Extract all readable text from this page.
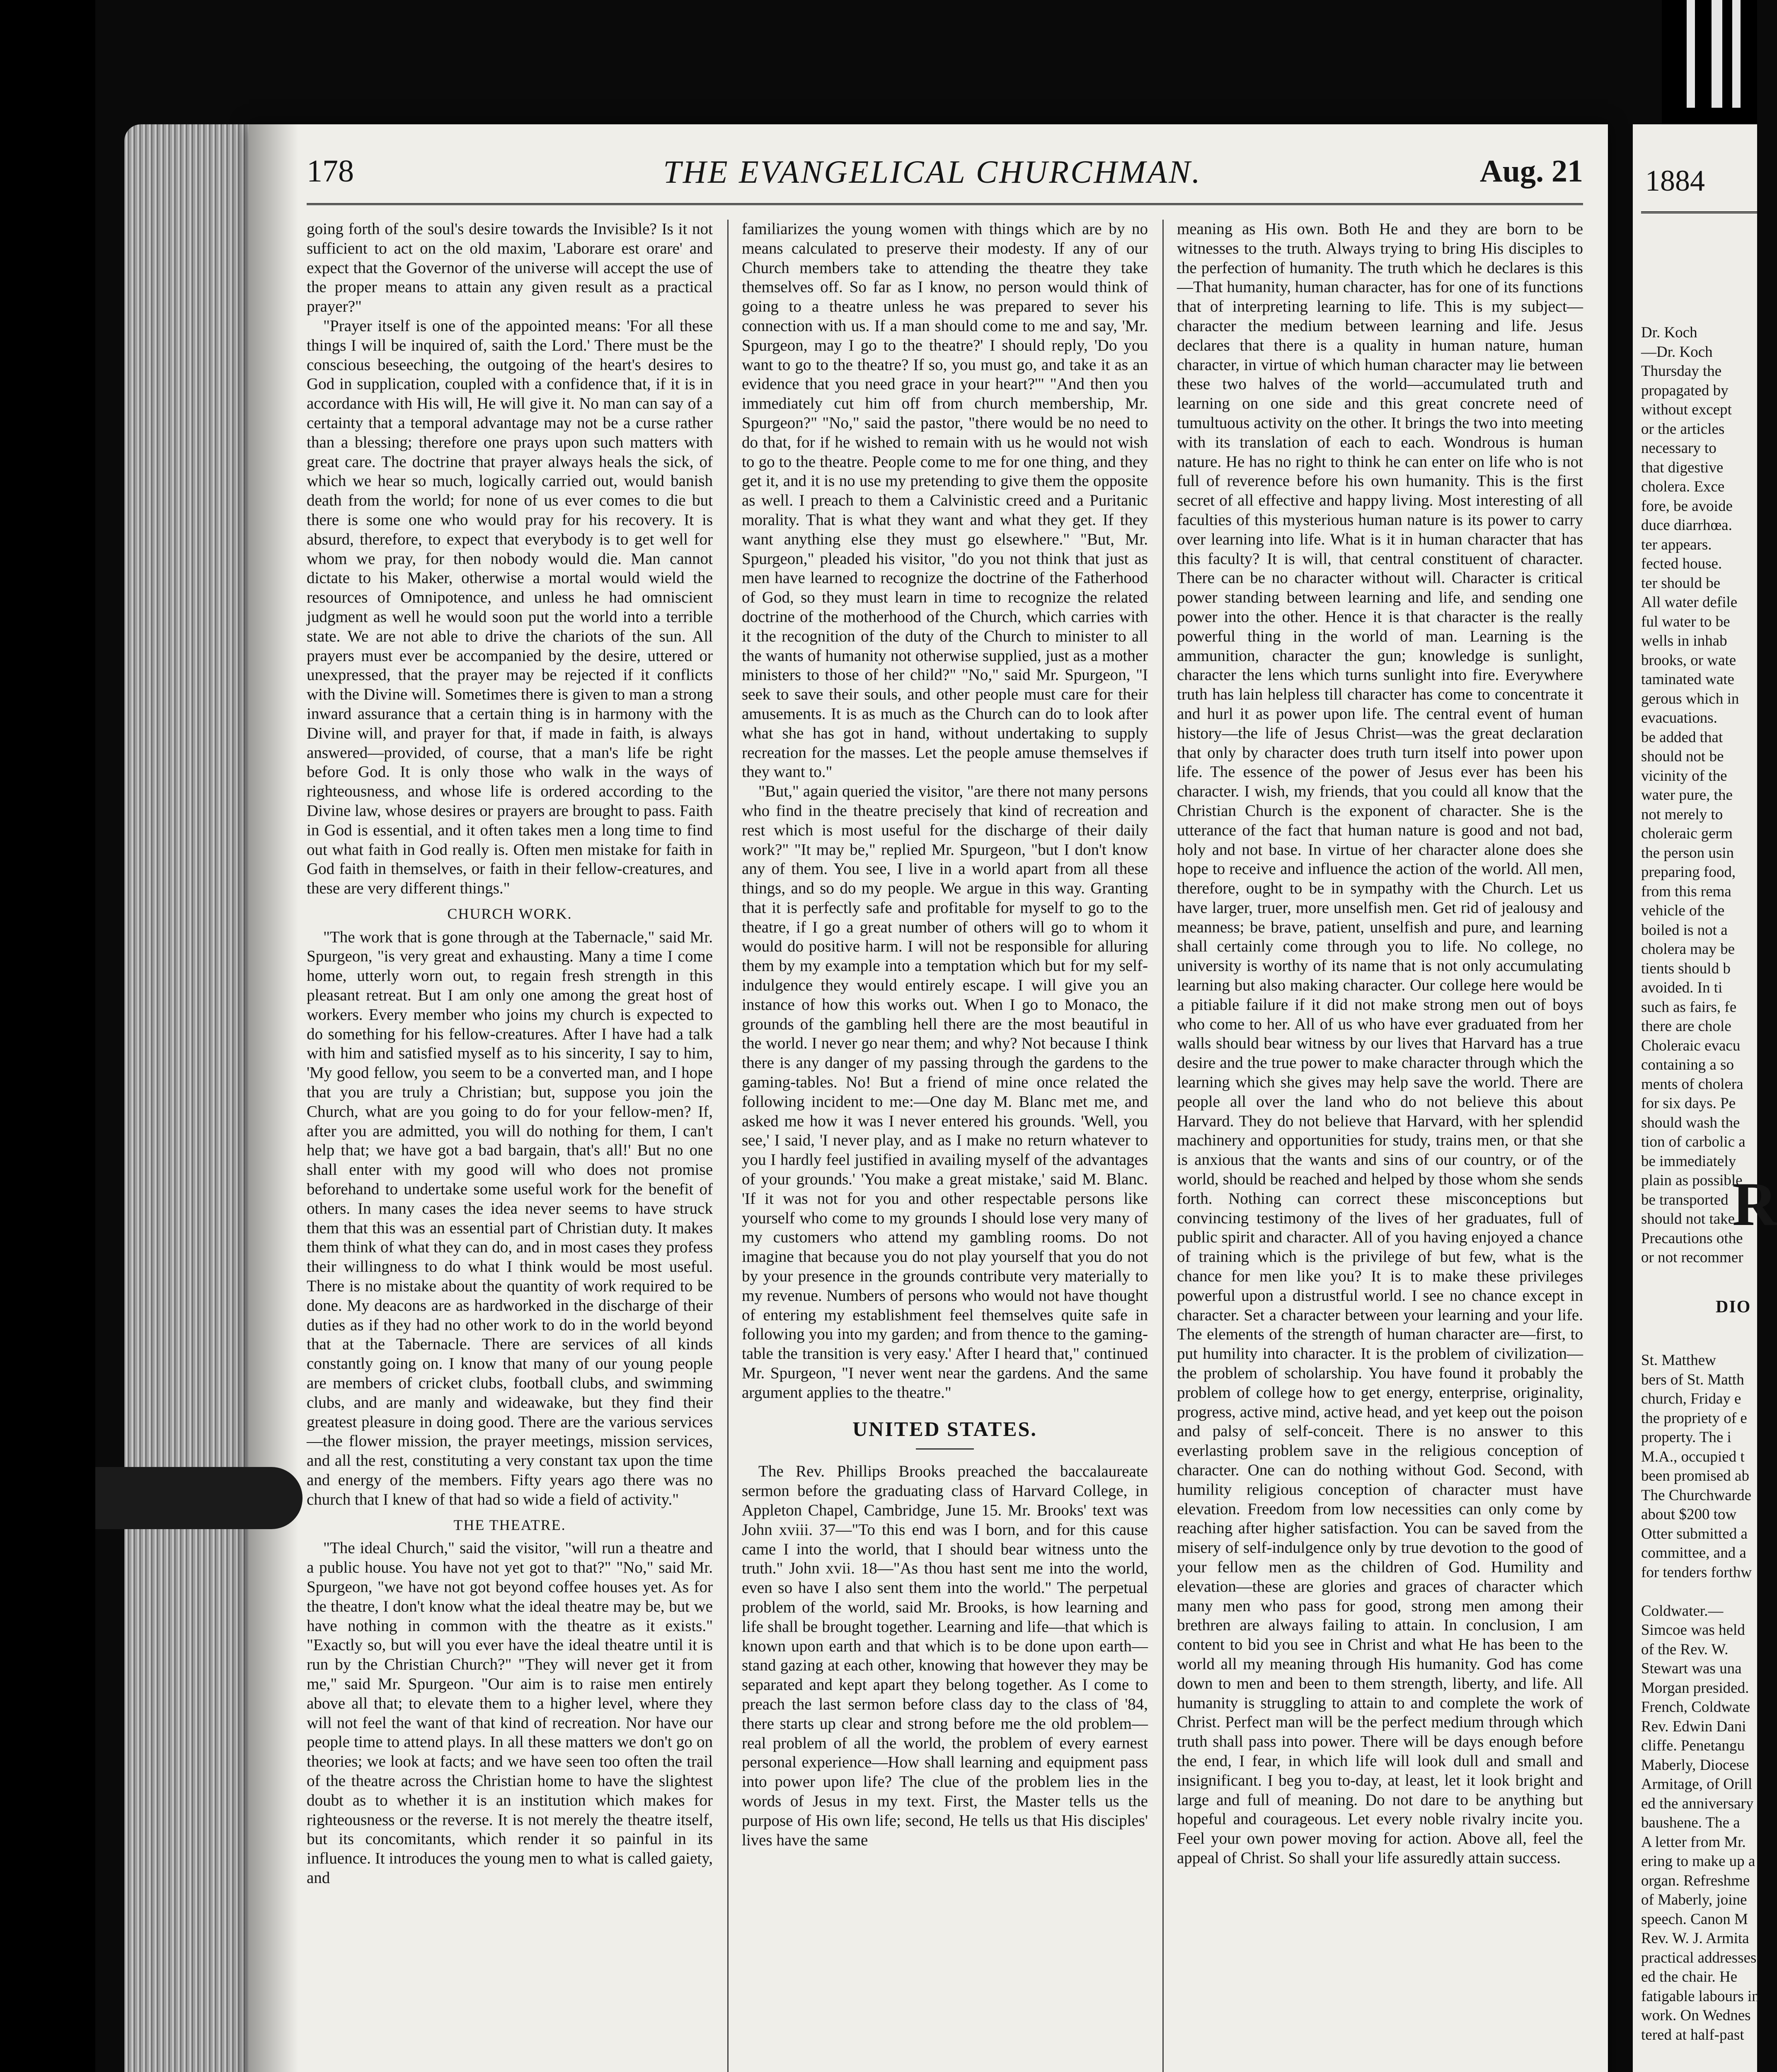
178	THE EVANGELICAL CHURCHMAN.	Aug. 21

going forth of the soul's desire towards the Invisible? Is it not sufficient to act on the old maxim, 'Laborare est orare' and expect that the Governor of the universe will accept the use of the proper means to attain any given result as a practical prayer?"

"Prayer itself is one of the appointed means: 'For all these things I will be inquired of, saith the Lord.' There must be the conscious beseeching, the outgoing of the heart's desires to God in supplication, coupled with a confidence that, if it is in accordance with His will, He will give it. No man can say of a certainty that a temporal advantage may not be a curse rather than a blessing; therefore one prays upon such matters with great care. The doctrine that prayer always heals the sick, of which we hear so much, logically carried out, would banish death from the world; for none of us ever comes to die but there is some one who would pray for his recovery. It is absurd, therefore, to expect that everybody is to get well for whom we pray, for then nobody would die. Man cannot dictate to his Maker, otherwise a mortal would wield the resources of Omnipotence, and unless he had omniscient judgment as well he would soon put the world into a terrible state. We are not able to drive the chariots of the sun. All prayers must ever be accompanied by the desire, uttered or unexpressed, that the prayer may be rejected if it conflicts with the Divine will. Sometimes there is given to man a strong inward assurance that a certain thing is in harmony with the Divine will, and prayer for that, if made in faith, is always answered—provided, of course, that a man's life be right before God. It is only those who walk in the ways of righteousness, and whose life is ordered according to the Divine law, whose desires or prayers are brought to pass. Faith in God is essential, and it often takes men a long time to find out what faith in God really is. Often men mistake for faith in God faith in themselves, or faith in their fellow-creatures, and these are very different things."

CHURCH WORK.

"The work that is gone through at the Tabernacle," said Mr. Spurgeon, "is very great and exhausting. Many a time I come home, utterly worn out, to regain fresh strength in this pleasant retreat. But I am only one among the great host of workers. Every member who joins my church is expected to do something for his fellow-creatures. After I have had a talk with him and satisfied myself as to his sincerity, I say to him, 'My good fellow, you seem to be a converted man, and I hope that you are truly a Christian; but, suppose you join the Church, what are you going to do for your fellow-men? If, after you are admitted, you will do nothing for them, I can't help that; we have got a bad bargain, that's all!' But no one shall enter with my good will who does not promise beforehand to undertake some useful work for the benefit of others. In many cases the idea never seems to have struck them that this was an essential part of Christian duty. It makes them think of what they can do, and in most cases they profess their willingness to do what I think would be most useful. There is no mistake about the quantity of work required to be done. My deacons are as hardworked in the discharge of their duties as if they had no other work to do in the world beyond that at the Tabernacle. There are services of all kinds constantly going on. I know that many of our young people are members of cricket clubs, football clubs, and swimming clubs, and are manly and wideawake, but they find their greatest pleasure in doing good. There are the various services—the flower mission, the prayer meetings, mission services, and all the rest, constituting a very constant tax upon the time and energy of the members. Fifty years ago there was no church that I knew of that had so wide a field of activity."

THE THEATRE.

"The ideal Church," said the visitor, "will run a theatre and a public house. You have not yet got to that?" "No," said Mr. Spurgeon, "we have not got beyond coffee houses yet. As for the theatre, I don't know what the ideal theatre may be, but we have nothing in common with the theatre as it exists." "Exactly so, but will you ever have the ideal theatre until it is run by the Christian Church?" "They will never get it from me," said Mr. Spurgeon. "Our aim is to raise men entirely above all that; to elevate them to a higher level, where they will not feel the want of that kind of recreation. Nor have our people time to attend plays. In all these matters we don't go on theories; we look at facts; and we have seen too often the trail of the theatre across the Christian home to have the slightest doubt as to whether it is an institution which makes for righteousness or the reverse. It is not merely the theatre itself, but its concomitants, which render it so painful in its influence. It introduces the young men to what is called gaiety, and

familiarizes the young women with things which are by no means calculated to preserve their modesty. If any of our Church members take to attending the theatre they take themselves off. So far as I know, no person would think of going to a theatre unless he was prepared to sever his connection with us. If a man should come to me and say, 'Mr. Spurgeon, may I go to the theatre?' I should reply, 'Do you want to go to the theatre? If so, you must go, and take it as an evidence that you need grace in your heart?'" "And then you immediately cut him off from church membership, Mr. Spurgeon?" "No," said the pastor, "there would be no need to do that, for if he wished to remain with us he would not wish to go to the theatre. People come to me for one thing, and they get it, and it is no use my pretending to give them the opposite as well. I preach to them a Calvinistic creed and a Puritanic morality. That is what they want and what they get. If they want anything else they must go elsewhere." "But, Mr. Spurgeon," pleaded his visitor, "do you not think that just as men have learned to recognize the doctrine of the Fatherhood of God, so they must learn in time to recognize the related doctrine of the motherhood of the Church, which carries with it the recognition of the duty of the Church to minister to all the wants of humanity not otherwise supplied, just as a mother ministers to those of her child?" "No," said Mr. Spurgeon, "I seek to save their souls, and other people must care for their amusements. It is as much as the Church can do to look after what she has got in hand, without undertaking to supply recreation for the masses. Let the people amuse themselves if they want to."

"But," again queried the visitor, "are there not many persons who find in the theatre precisely that kind of recreation and rest which is most useful for the discharge of their daily work?" "It may be," replied Mr. Spurgeon, "but I don't know any of them. You see, I live in a world apart from all these things, and so do my people. We argue in this way. Granting that it is perfectly safe and profitable for myself to go to the theatre, if I go a great number of others will go to whom it would do positive harm. I will not be responsible for alluring them by my example into a temptation which but for my self-indulgence they would entirely escape. I will give you an instance of how this works out. When I go to Monaco, the grounds of the gambling hell there are the most beautiful in the world. I never go near them; and why? Not because I think there is any danger of my passing through the gardens to the gaming-tables. No! But a friend of mine once related the following incident to me:—One day M. Blanc met me, and asked me how it was I never entered his grounds. 'Well, you see,' I said, 'I never play, and as I make no return whatever to you I hardly feel justified in availing myself of the advantages of your grounds.' 'You make a great mistake,' said M. Blanc. 'If it was not for you and other respectable persons like yourself who come to my grounds I should lose very many of my customers who attend my gambling rooms. Do not imagine that because you do not play yourself that you do not by your presence in the grounds contribute very materially to my revenue. Numbers of persons who would not have thought of entering my establishment feel themselves quite safe in following you into my garden; and from thence to the gaming-table the transition is very easy.' After I heard that," continued Mr. Spurgeon, "I never went near the gardens. And the same argument applies to the theatre."

UNITED STATES.

The Rev. Phillips Brooks preached the baccalaureate sermon before the graduating class of Harvard College, in Appleton Chapel, Cambridge, June 15. Mr. Brooks' text was John xviii. 37—"To this end was I born, and for this cause came I into the world, that I should bear witness unto the truth." John xvii. 18—"As thou hast sent me into the world, even so have I also sent them into the world." The perpetual problem of the world, said Mr. Brooks, is how learning and life shall be brought together. Learning and life—that which is known upon earth and that which is to be done upon earth—stand gazing at each other, knowing that however they may be separated and kept apart they belong together. As I come to preach the last sermon before class day to the class of '84, there starts up clear and strong before me the old problem—real problem of all the world, the problem of every earnest personal experience—How shall learning and equipment pass into power upon life? The clue of the problem lies in the words of Jesus in my text. First, the Master tells us the purpose of His own life; second, He tells us that His disciples' lives have the same

meaning as His own. Both He and they are born to be witnesses to the truth. Always trying to bring His disciples to the perfection of humanity. The truth which he declares is this—That humanity, human character, has for one of its functions that of interpreting learning to life. This is my subject—character the medium between learning and life. Jesus declares that there is a quality in human nature, human character, in virtue of which human character may lie between these two halves of the world—accumulated truth and learning on one side and this great concrete need of tumultuous activity on the other. It brings the two into meeting with its translation of each to each. Wondrous is human nature. He has no right to think he can enter on life who is not full of reverence before his own humanity. This is the first secret of all effective and happy living. Most interesting of all faculties of this mysterious human nature is its power to carry over learning into life. What is it in human character that has this faculty? It is will, that central constituent of character. There can be no character without will. Character is critical power standing between learning and life, and sending one power into the other. Hence it is that character is the really powerful thing in the world of man. Learning is the ammunition, character the gun; knowledge is sunlight, character the lens which turns sunlight into fire. Everywhere truth has lain helpless till character has come to concentrate it and hurl it as power upon life. The central event of human history—the life of Jesus Christ—was the great declaration that only by character does truth turn itself into power upon life. The essence of the power of Jesus ever has been his character. I wish, my friends, that you could all know that the Christian Church is the exponent of character. She is the utterance of the fact that human nature is good and not bad, holy and not base. In virtue of her character alone does she hope to receive and influence the action of the world. All men, therefore, ought to be in sympathy with the Church. Let us have larger, truer, more unselfish men. Get rid of jealousy and meanness; be brave, patient, unselfish and pure, and learning shall certainly come through you to life. No college, no university is worthy of its name that is not only accumulating learning but also making character. Our college here would be a pitiable failure if it did not make strong men out of boys who come to her. All of us who have ever graduated from her walls should bear witness by our lives that Harvard has a true desire and the true power to make character through which the learning which she gives may help save the world. There are people all over the land who do not believe this about Harvard. They do not believe that Harvard, with her splendid machinery and opportunities for study, trains men, or that she is anxious that the wants and sins of our country, or of the world, should be reached and helped by those whom she sends forth. Nothing can correct these misconceptions but convincing testimony of the lives of her graduates, full of public spirit and character. All of you having enjoyed a chance of training which is the privilege of but few, what is the chance for men like you? It is to make these privileges powerful upon a distrustful world. I see no chance except in character. Set a character between your learning and your life. The elements of the strength of human character are—first, to put humility into character. It is the problem of civilization—the problem of scholarship. You have found it probably the problem of college how to get energy, enterprise, originality, progress, active mind, active head, and yet keep out the poison and palsy of self-conceit. There is no answer to this everlasting problem save in the religious conception of character. One can do nothing without God. Second, with humility religious conception of character must have elevation. Freedom from low necessities can only come by reaching after higher satisfaction. You can be saved from the misery of self-indulgence only by true devotion to the good of your fellow men as the children of God. Humility and elevation—these are glories and graces of character which many men who pass for good, strong men among their brethren are always failing to attain. In conclusion, I am content to bid you see in Christ and what He has been to the world all my meaning through His humanity. God has come down to men and been to them strength, liberty, and life. All humanity is struggling to attain to and complete the work of Christ. Perfect man will be the perfect medium through which truth shall pass into power. There will be days enough before the end, I fear, in which life will look dull and small and insignificant. I beg you to-day, at least, let it look bright and large and full of meaning. Do not dare to be anything but hopeful and courageous. Let every noble rivalry incite you. Feel your own power moving for action. Above all, feel the appeal of Christ. So shall your life assuredly attain success.

1884
Dr. Koch
—Dr. Koch
Thursday the
propagated by
without except
or the articles
necessary to
that digestive
cholera. Exce
fore, be avoide
duce diarrhœa.
ter appears.
fected house.
ter should be
All water defile
ful water to be
wells in inhab
brooks, or wate
taminated wate
gerous which in
evacuations.
be added that
should not be
vicinity of the
water pure, the
not merely to
choleraic germ
the person usin
preparing food,
from this rema
vehicle of the
boiled is not a
cholera may be
tients should b
avoided. In ti
such as fairs, fe
there are chole
Choleraic evacu
containing a so
ments of cholera
for six days. Pe
should wash the
tion of carbolic a
be immediately
plain as possible
be transported
should not take t
Precautions othe
or not recommer
R
DIO
St. Matthew
bers of St. Matth
church, Friday e
the propriety of e
property. The i
M.A., occupied t
been promised ab
The Churchwarde
about $200 tow
Otter submitted a
committee, and a
for tenders forthw
Coldwater.—
Simcoe was held
of the Rev. W.
Stewart was una
Morgan presided.
French, Coldwate
Rev. Edwin Dani
cliffe. Penetangu
Maberly, Diocese
Armitage, of Orill
ed the anniversary
baushene. The a
A letter from Mr.
ering to make up a
organ. Refreshme
of Maberly, joine
speech. Canon M
Rev. W. J. Armita
practical addresses
ed the chair. He
fatigable labours in
work. On Wednes
tered at half-past
